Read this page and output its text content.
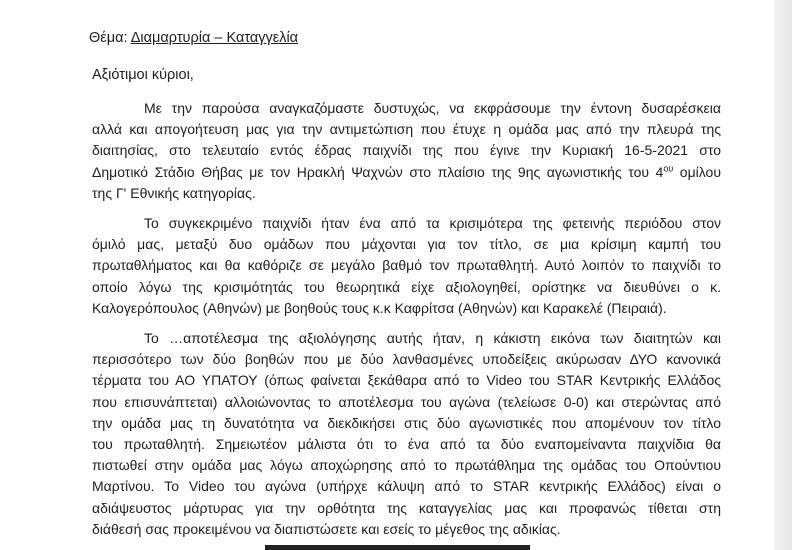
Θέμα: Διαμαρτυρία – Καταγγελία
Αξιότιμοι κύριοι,

Με την παρούσα αναγκαζόμαστε δυστυχώς, να εκφράσουμε την έντονη δυσαρέσκεια
αλλά και απογοήτευση μας για την αντιμετώπιση που έτυχε η ομάδα μας από την πλευρά της
διαιτησίας, στο τελευταίο εντός έδρας παιχνίδι της που έγινε την Κυριακή 16-5-2021 στο
Δημοτικό Στάδιο Θήβας με τον Ηρακλή Ψαχνών στο πλαίσιο της 9ης αγωνιστικής του $4^{o\upsilon}$ ομίλου
της Γ' Εθνικής κατηγορίας.

Το συγκεκριμένο παιχνίδι ήταν ένα από τα κρισιμότερα της φετεινής περιόδου στον
όμιλό μας, μεταξύ δυο ομάδων που μάχονται για τον τίτλο, σε μια κρίσιμη καμπή του
πρωταθλήματος και θα καθόριζε σε μεγάλο βαθμό τον πρωταθλητή. Αυτό λοιπόν το παιχνίδι το
οποίο λόγω της κρισιμότητάς του θεωρητικά είχε αξιολογηθεί, ορίστηκε να διευθύνει ο κ.
Καλογερόπουλος (Αθηνών) με βοηθούς τους κ.κ Καφρίτσα (Αθηνών) και Καρακελέ (Πειραιά).

Το …αποτέλεσμα της αξιολόγησης αυτής ήταν, η κάκιστη εικόνα των διαιτητών και
περισσότερο των δύο βοηθών που με δύο λανθασμένες υποδείξεις ακύρωσαν ΔΥΟ κανονικά
τέρματα του ΑΟ ΥΠΑΤΟΥ (όπως φαίνεται ξεκάθαρα από το Video του STAR Κεντρικής Ελλάδος
που επισυνάπτεται) αλλοιώνοντας το αποτέλεσμα του αγώνα (τελείωσε 0-0) και στερώντας από
την ομάδα μας τη δυνατότητα να διεκδικήσει στις δύο αγωνιστικές που απομένουν τον τίτλο
του πρωταθλητή. Σημειωτέον μάλιστα ότι το ένα από τα δύο εναπομείναντα παιχνίδια θα
πιστωθεί στην ομάδα μας λόγω αποχώρησης από το πρωτάθλημα της ομάδας του Οπούντιου
Μαρτίνου. Το Video του αγώνα (υπήρχε κάλυψη από το STAR κεντρικής Ελλάδος) είναι ο
αδιάψευστος μάρτυρας για την ορθότητα της καταγγελίας μας και προφανώς τίθεται στη
διάθεσή σας προκειμένου να διαπιστώσετε και εσείς το μέγεθος της αδικίας.
